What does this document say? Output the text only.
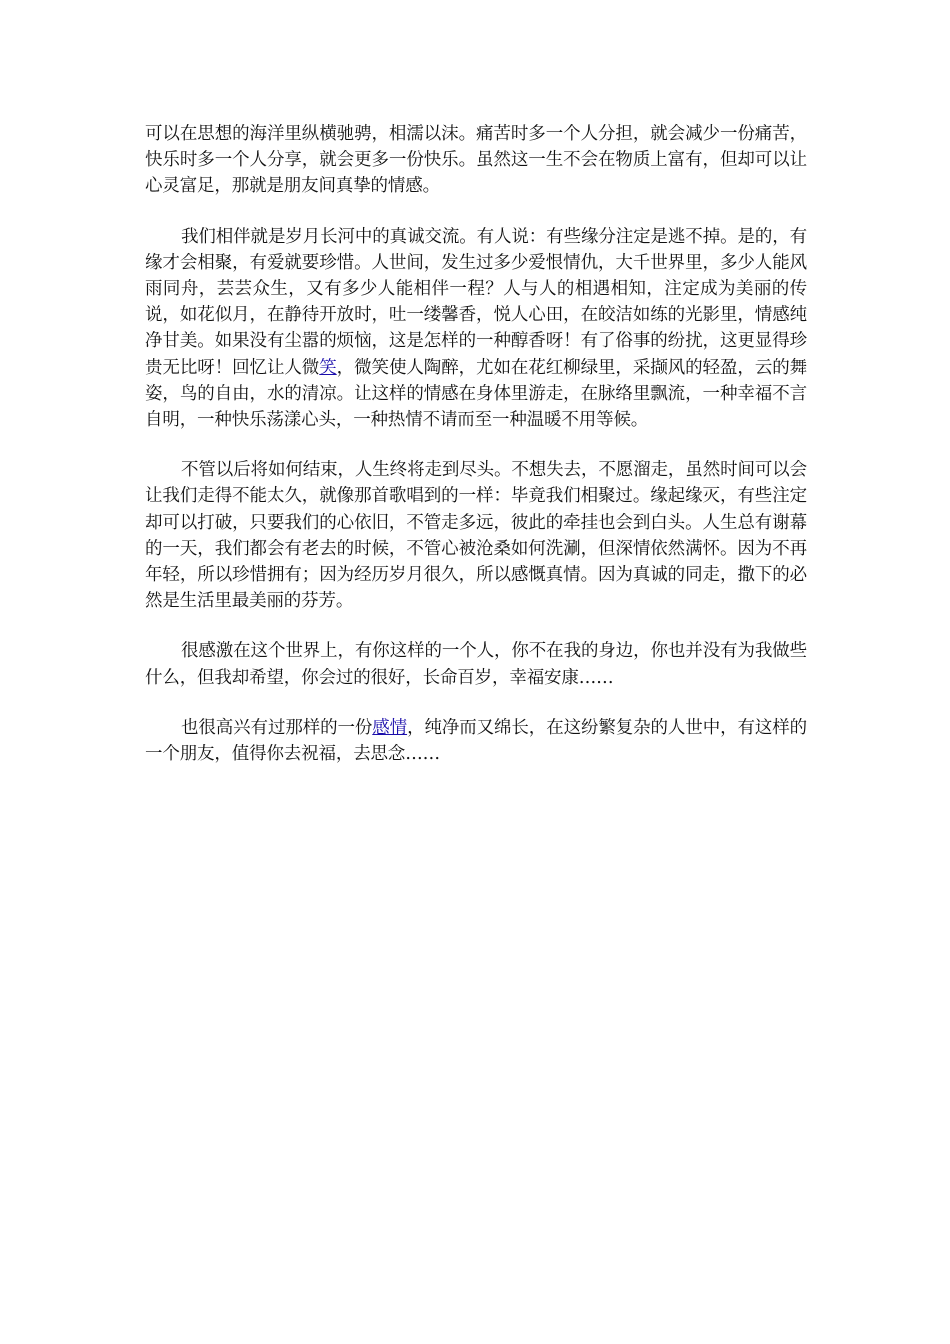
可以在思想的海洋里纵横驰骋，相濡以沫。痛苦时多一个人分担，就会减少一份痛苦，快乐时多一个人分享，就会更多一份快乐。虽然这一生不会在物质上富有，但却可以让心灵富足，那就是朋友间真挚的情感。

我们相伴就是岁月长河中的真诚交流。有人说：有些缘分注定是逃不掉。是的，有缘才会相聚，有爱就要珍惜。人世间，发生过多少爱恨情仇，大千世界里，多少人能风雨同舟，芸芸众生，又有多少人能相伴一程？人与人的相遇相知，注定成为美丽的传说，如花似月，在静待开放时，吐一缕馨香，悦人心田，在皎洁如练的光影里，情感纯净甘美。如果没有尘嚣的烦恼，这是怎样的一种醇香呀！有了俗事的纷扰，这更显得珍贵无比呀！回忆让人微笑，微笑使人陶醉，尤如在花红柳绿里，采撷风的轻盈，云的舞姿，鸟的自由，水的清凉。让这样的情感在身体里游走，在脉络里飘流，一种幸福不言自明，一种快乐荡漾心头，一种热情不请而至一种温暖不用等候。

不管以后将如何结束，人生终将走到尽头。不想失去，不愿溜走，虽然时间可以会让我们走得不能太久，就像那首歌唱到的一样：毕竟我们相聚过。缘起缘灭，有些注定却可以打破，只要我们的心依旧，不管走多远，彼此的牵挂也会到白头。人生总有谢幕的一天，我们都会有老去的时候，不管心被沧桑如何洗涮，但深情依然满怀。因为不再年轻，所以珍惜拥有；因为经历岁月很久，所以感慨真情。因为真诚的同走，撒下的必然是生活里最美丽的芬芳。

很感激在这个世界上，有你这样的一个人，你不在我的身边，你也并没有为我做些什么，但我却希望，你会过的很好，长命百岁，幸福安康……

也很高兴有过那样的一份感情，纯净而又绵长，在这纷繁复杂的人世中，有这样的一个朋友，值得你去祝福，去思念……
